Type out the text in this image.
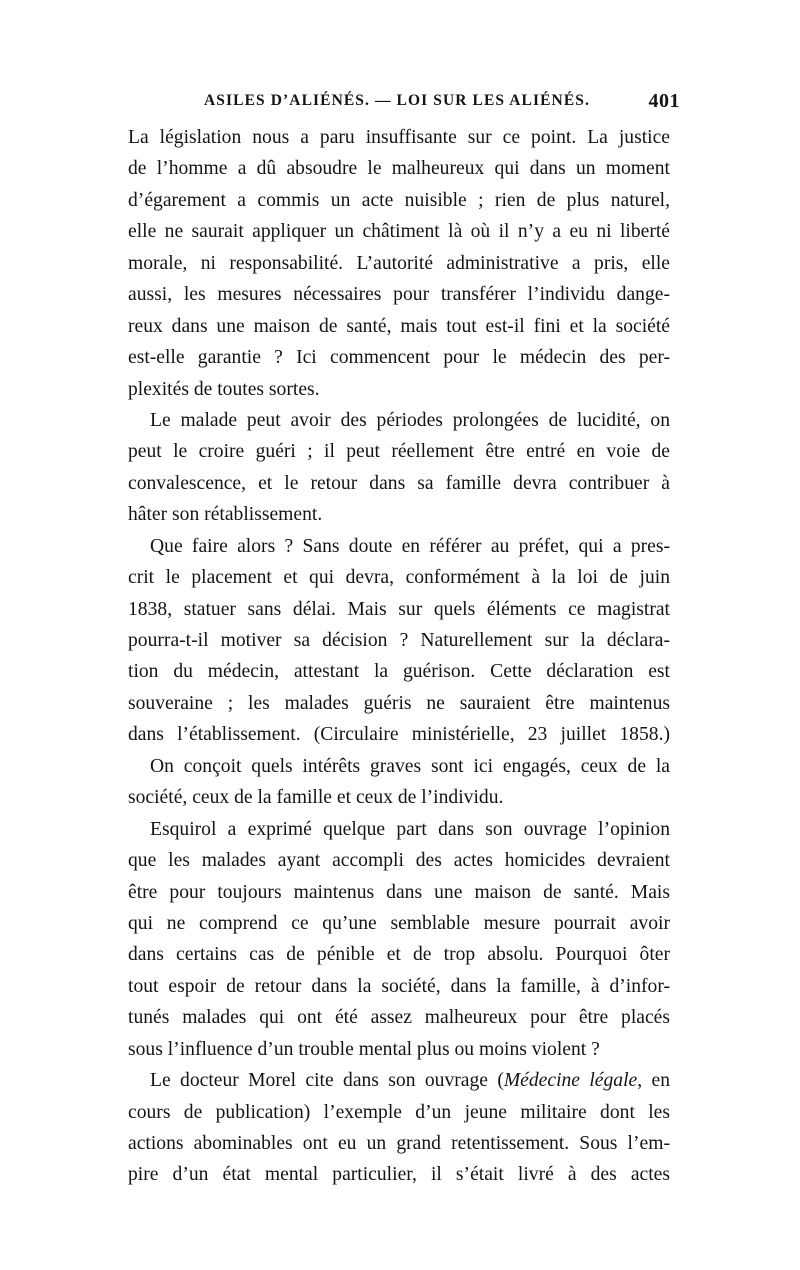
ASILES D’ALIÉNÉS. — LOI SUR LES ALIÉNÉS.	401
La législation nous a paru insuffisante sur ce point. La justice
de l’homme a dû absoudre le malheureux qui dans un moment
d’égarement a commis un acte nuisible ; rien de plus naturel,
elle ne saurait appliquer un châtiment là où il n’y a eu ni liberté
morale, ni responsabilité. L’autorité administrative a pris, elle
aussi, les mesures nécessaires pour transférer l’individu dange-
reux dans une maison de santé, mais tout est-il fini et la société
est-elle garantie ? Ici commencent pour le médecin des per-
plexités de toutes sortes.
Le malade peut avoir des périodes prolongées de lucidité, on
peut le croire guéri ; il peut réellement être entré en voie de
convalescence, et le retour dans sa famille devra contribuer à
hâter son rétablissement.
Que faire alors ? Sans doute en référer au préfet, qui a pres-
crit le placement et qui devra, conformément à la loi de juin
1838, statuer sans délai. Mais sur quels éléments ce magistrat
pourra-t-il motiver sa décision ? Naturellement sur la déclara-
tion du médecin, attestant la guérison. Cette déclaration est
souveraine ; les malades guéris ne sauraient être maintenus
dans l’établissement. (Circulaire ministérielle, 23 juillet 1858.)
On conçoit quels intérêts graves sont ici engagés, ceux de la
société, ceux de la famille et ceux de l’individu.
Esquirol a exprimé quelque part dans son ouvrage l’opinion
que les malades ayant accompli des actes homicides devraient
être pour toujours maintenus dans une maison de santé. Mais
qui ne comprend ce qu’une semblable mesure pourrait avoir
dans certains cas de pénible et de trop absolu. Pourquoi ôter
tout espoir de retour dans la société, dans la famille, à d’infor-
tunés malades qui ont été assez malheureux pour être placés
sous l’influence d’un trouble mental plus ou moins violent ?
Le docteur Morel cite dans son ouvrage (Médecine légale, en
cours de publication) l’exemple d’un jeune militaire dont les
actions abominables ont eu un grand retentissement. Sous l’em-
pire d’un état mental particulier, il s’était livré à des actes
